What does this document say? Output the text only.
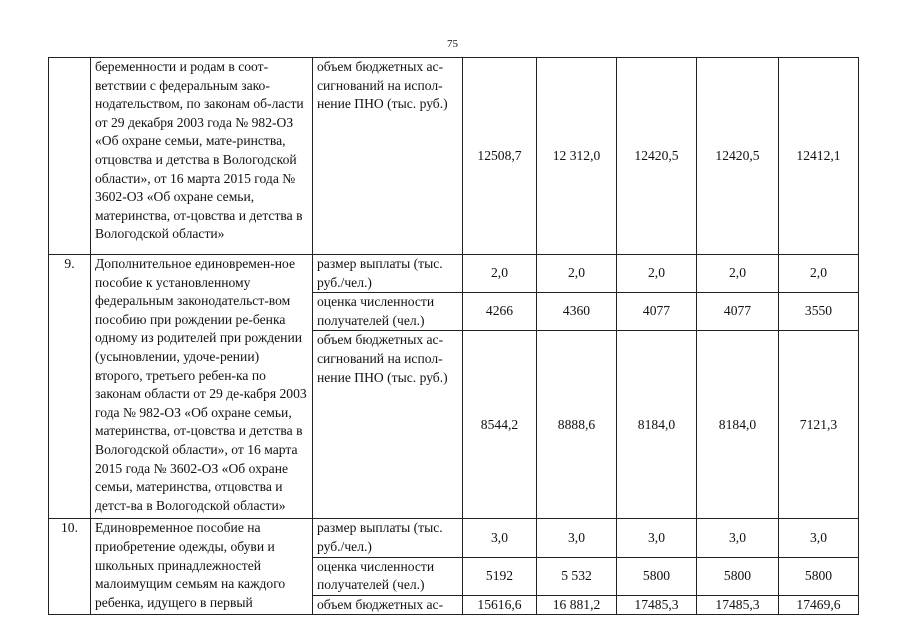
75
	беременности и родам в соот-ветствии с федеральным зако-нодательством, по законам об-ласти от 29 декабря 2003 года № 982-ОЗ «Об охране семьи, мате-ринства, отцовства и детства в Вологодской области», от 16 марта 2015 года № 3602-ОЗ «Об охране семьи, материнства, от-цовства и детства в Вологодской области»	объем бюджетных ас-сигнований на испол-нение ПНО (тыс. руб.)	12508,7	12 312,0	12420,5	12420,5	12412,1
9.	Дополнительное единовремен-ное пособие к установленному федеральным законодательст-вом пособию при рождении ре-бенка одному из родителей при рождении (усыновлении, удоче-рении) второго, третьего ребен-ка по законам области от 29 де-кабря 2003 года № 982-ОЗ «Об охране семьи, материнства, от-цовства и детства в Вологодской области», от 16 марта 2015 года № 3602-ОЗ «Об охране семьи, материнства, отцовства и детст-ва в Вологодской области»	размер выплаты (тыс. руб./чел.)	2,0	2,0	2,0	2,0	2,0
		оценка численности получателей (чел.)	4266	4360	4077	4077	3550
		объем бюджетных ас-сигнований на испол-нение ПНО (тыс. руб.)	8544,2	8888,6	8184,0	8184,0	7121,3
10.	Единовременное пособие на приобретение одежды, обуви и школьных принадлежностей малоимущим семьям на каждого ребенка, идущего в первый	размер выплаты (тыс. руб./чел.)	3,0	3,0	3,0	3,0	3,0
		оценка численности получателей (чел.)	5192	5 532	5800	5800	5800
		объем бюджетных ас-	15616,6	16 881,2	17485,3	17485,3	17469,6
